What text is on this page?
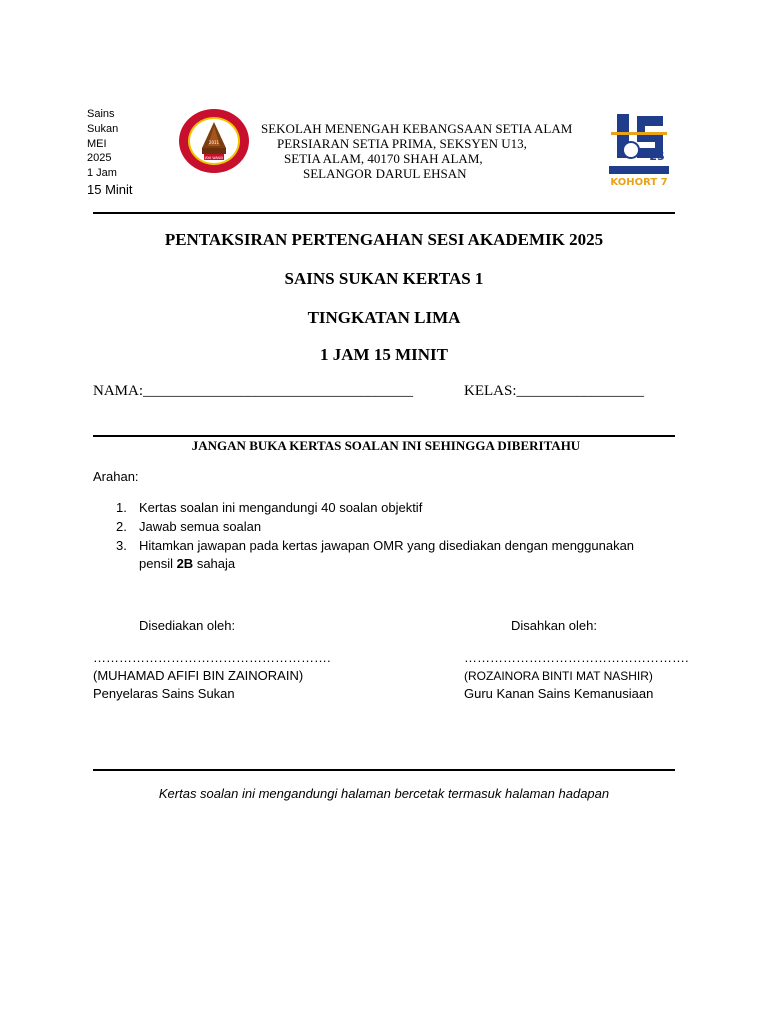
Sains
Sukan
MEI
2025
1 Jam
15 Minit
2011
JAYA WANGI
SEKOLAH MENENGAH KEBANGSAAN SETIA ALAM
PERSIARAN SETIA PRIMA, SEKSYEN U13,
SETIA ALAM, 40170 SHAH ALAM,
SELANGOR DARUL EHSAN
25
KOHORT 7
PENTAKSIRAN PERTENGAHAN SESI AKADEMIK 2025
SAINS SUKAN KERTAS 1
TINGKATAN LIMA
1 JAM 15 MINIT
NAMA:____________________________________	KELAS:_________________
JANGAN BUKA KERTAS SOALAN INI SEHINGGA DIBERITAHU
Arahan:
1. Kertas soalan ini mengandungi 40 soalan objektif
2. Jawab semua soalan
3. Hitamkan jawapan pada kertas jawapan OMR yang disediakan dengan menggunakan pensil 2B sahaja
Disediakan oleh:	Disahkan oleh:
……………………………………………….	…………………………………………….
(MUHAMAD AFIFI BIN ZAINORAIN)	(ROZAINORA BINTI MAT NASHIR)
Penyelaras Sains Sukan	Guru Kanan Sains Kemanusiaan
Kertas soalan ini mengandungi halaman bercetak termasuk halaman hadapan
